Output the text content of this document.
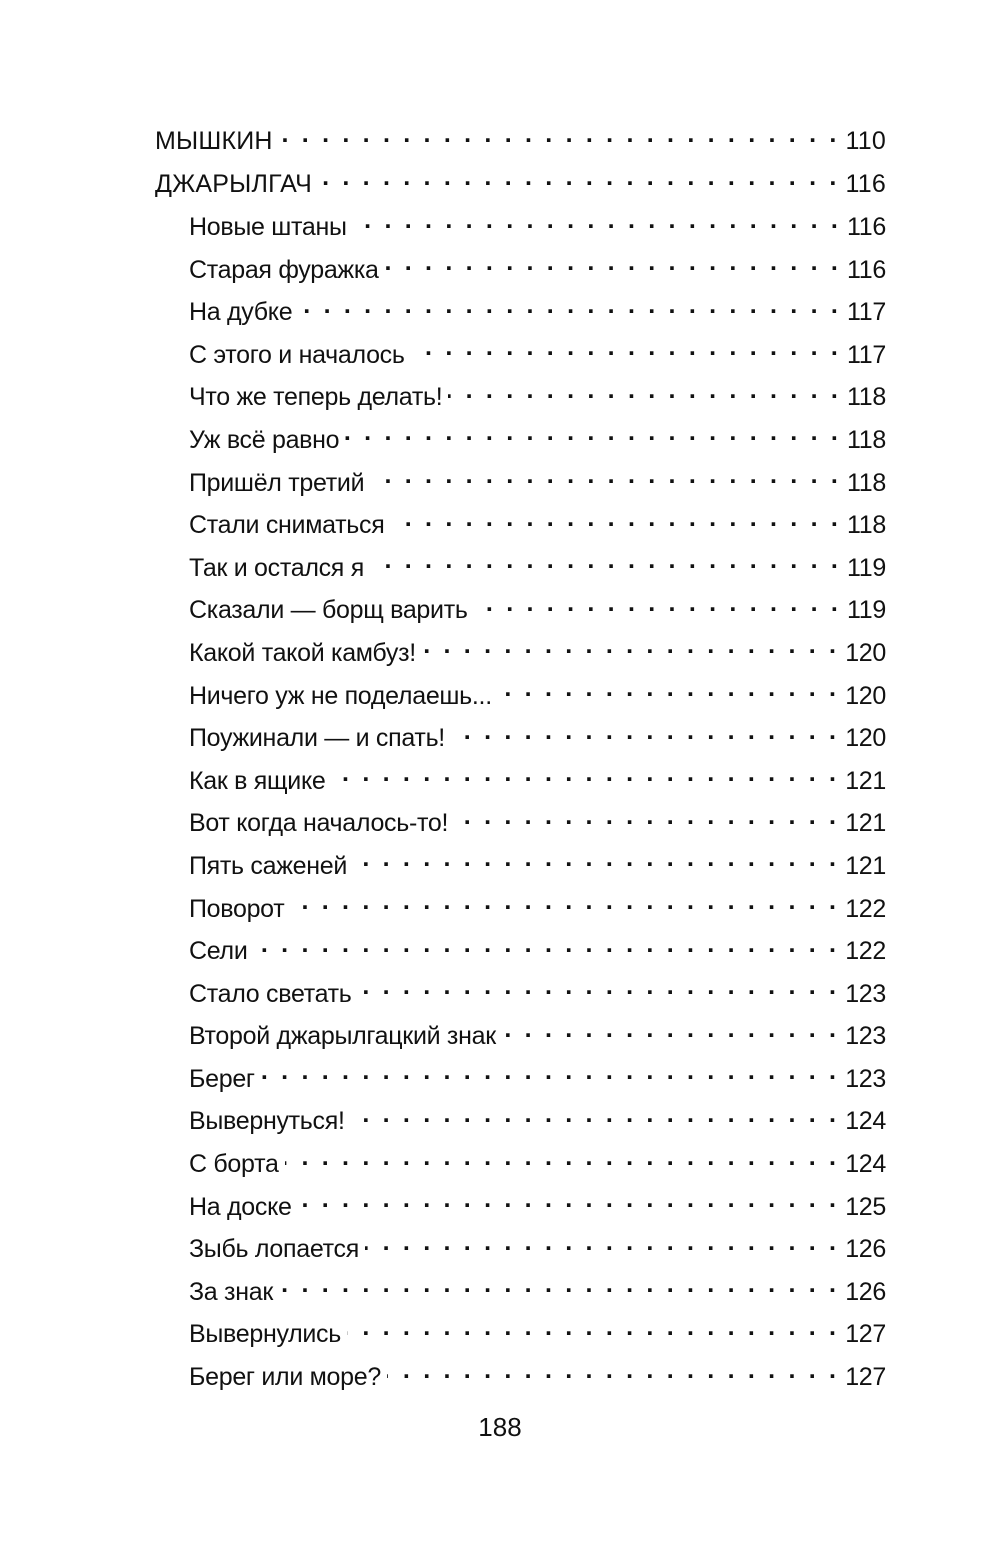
МЫШКИН . . .	110
ДЖАРЫЛГАЧ . . .	116
Новые штаны . . .	116
Старая фуражка . . .	116
На дубке . . .	117
С этого и началось . . .	117
Что же теперь делать! . . .	118
Уж всё равно . . .	118
Пришёл третий . . .	118
Стали сниматься . . .	118
Так и остался я . . .	119
Сказали — борщ варить . . .	119
Какой такой камбуз! . . .	120
Ничего уж не поделаешь... . . .	120
Поужинали — и спать! . . .	120
Как в ящике . . .	121
Вот когда началось-то! . . .	121
Пять саженей . . .	121
Поворот . . .	122
Сели . . .	122
Стало светать . . .	123
Второй джарылгацкий знак . . .	123
Берег . . .	123
Вывернуться! . . .	124
С борта . . .	124
На доске . . .	125
Зыбь лопается . . .	126
За знак . . .	126
Вывернулись . . .	127
Берег или море? . . .	127
188
